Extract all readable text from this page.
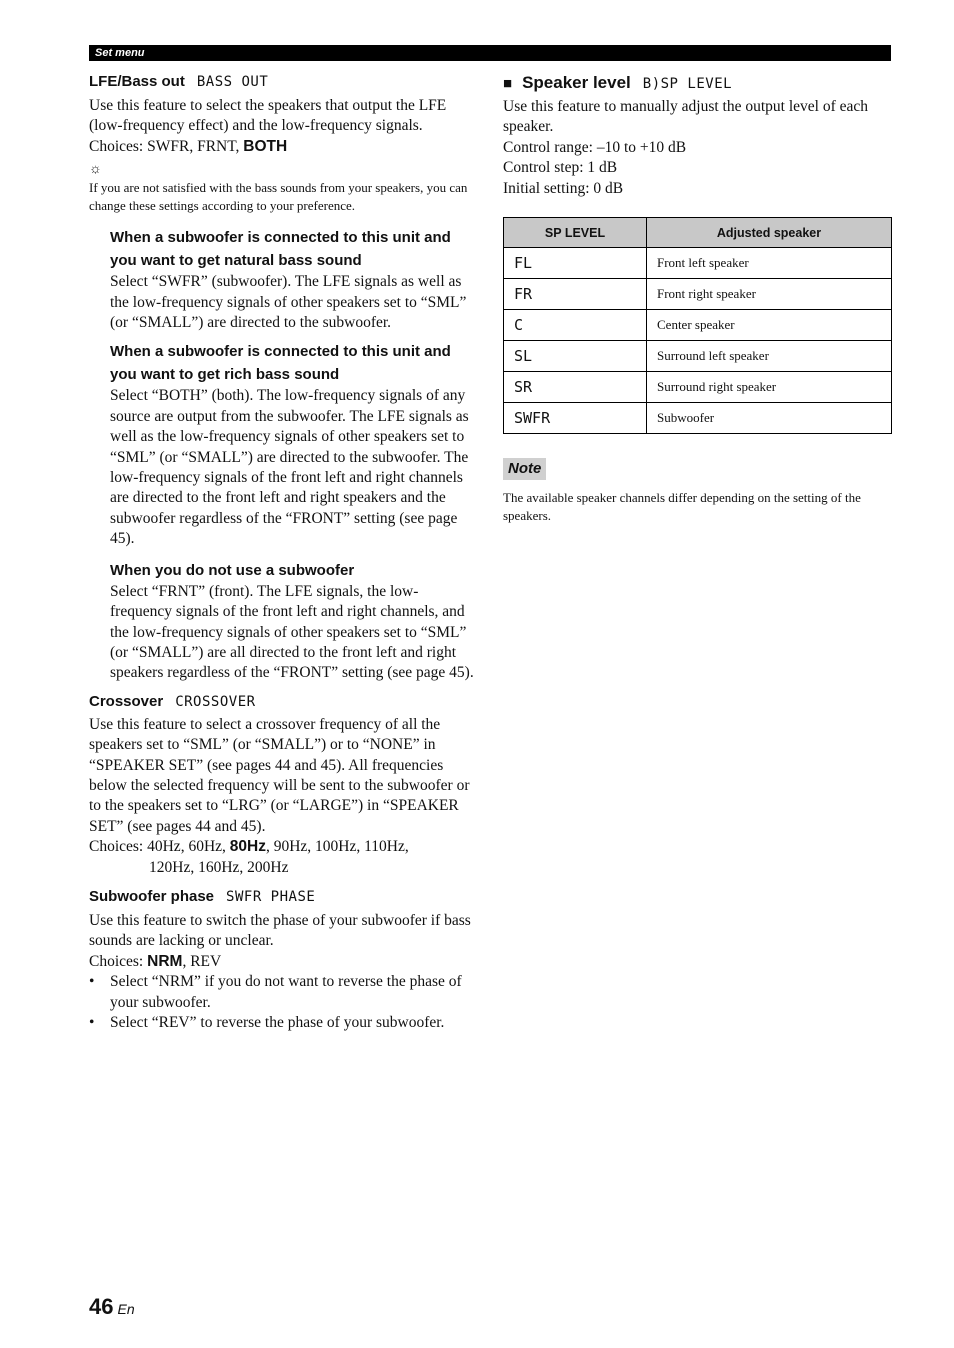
Set menu
LFE/Bass out BASS OUT

Use this feature to select the speakers that output the LFE (low-frequency effect) and the low-frequency signals.

Choices: SWFR, FRNT, BOTH

☼

If you are not satisfied with the bass sounds from your speakers, you can change these settings according to your preference.

When a subwoofer is connected to this unit and you want to get natural bass sound

Select “SWFR” (subwoofer). The LFE signals as well as the low-frequency signals of other speakers set to “SML” (or “SMALL”) are directed to the subwoofer.

When a subwoofer is connected to this unit and you want to get rich bass sound

Select “BOTH” (both). The low-frequency signals of any source are output from the subwoofer. The LFE signals as well as the low-frequency signals of other speakers set to “SML” (or “SMALL”) are directed to the subwoofer. The low-frequency signals of the front left and right channels are directed to the front left and right speakers and the subwoofer regardless of the “FRONT” setting (see page 45).

When you do not use a subwoofer

Select “FRNT” (front). The LFE signals, the low-frequency signals of the front left and right channels, and the low-frequency signals of other speakers set to “SML” (or “SMALL”) are all directed to the front left and right speakers regardless of the “FRONT” setting (see page 45).

Crossover CROSSOVER

Use this feature to select a crossover frequency of all the speakers set to “SML” (or “SMALL”) or to “NONE” in “SPEAKER SET” (see pages 44 and 45). All frequencies below the selected frequency will be sent to the subwoofer or to the speakers set to “LRG” (or “LARGE”) in “SPEAKER SET” (see pages 44 and 45).

Choices: 40Hz, 60Hz, 80Hz, 90Hz, 100Hz, 110Hz,

120Hz, 160Hz, 200Hz

Subwoofer phase SWFR PHASE

Use this feature to switch the phase of your subwoofer if bass sounds are lacking or unclear.

Choices: NRM, REV

• Select “NRM” if you do not want to reverse the phase of your subwoofer.
• Select “REV” to reverse the phase of your subwoofer.
■ Speaker level B)SP LEVEL

Use this feature to manually adjust the output level of each speaker.

Control range: –10 to +10 dB

Control step: 1 dB

Initial setting: 0 dB

SP LEVEL	Adjusted speaker
FL	Front left speaker
FR	Front right speaker
C	Center speaker
SL	Surround left speaker
SR	Surround right speaker
SWFR	Subwoofer
Note

The available speaker channels differ depending on the setting of the speakers.

46 En
